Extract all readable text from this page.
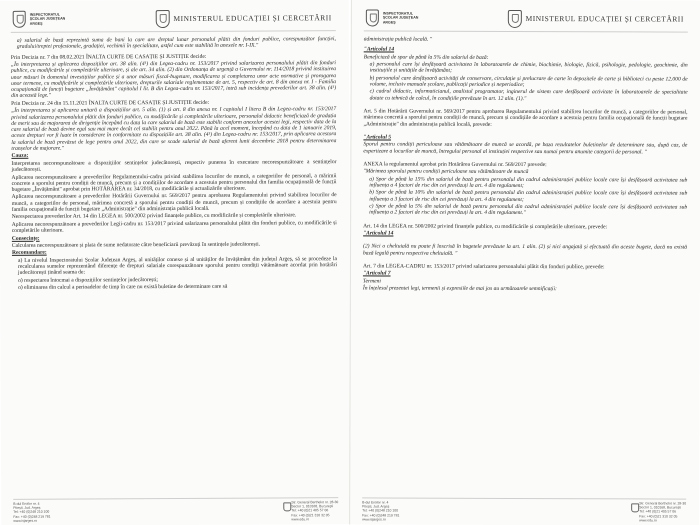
INSPECTORATUL ȘCOLAR JUDEȚEAN ARGEȘ
MINISTERUL EDUCAȚIEI ȘI CERCETĂRII

a) salariul de bază reprezintă suma de bani la care are dreptul lunar personalul plătit din fonduri publice, corespunzător funcției, gradului/treptei profesionale, gradației, vechimii în specialitate, astfel cum este stabilită în anexele nr. I-IX."

Prin Decizia nr. 7 din 08.02.2021 ÎNALTA CURTE DE CASAȚIE ȘI JUSTIȚIE decide:

„În interpretarea și aplicarea dispozițiilor art. 38 alin. (4¹) din Legea-cadru nr. 153/2017 privind salarizarea personalului plătit din fonduri publice, cu modificările și completările ulterioare, și ale art. 34 alin. (2) din Ordonanța de urgență a Guvernului nr. 114/2018 privind instituirea unor măsuri în domeniul investițiilor publice și a unor măsuri fiscal-bugetare, modificarea și completarea unor acte normative și prorogarea unor termene, cu modificările și completările ulterioare, drepturile salariale reglementate de art. 5, respectiv de art. 8 din anexa nr. I - Familia ocupațională de funcții bugetare „Învățământ" capitolul I lit. B din Legea-cadru nr. 153/2017, intră sub incidența prevederilor art. 38 alin. (4¹) din această lege."

Prin Decizia nr. 24 din 15.11.2021 ÎNALTA CURTE DE CASAȚIE ȘI JUSTIȚIE decide:

„În interpretarea și aplicarea unitară a dispozițiilor art. 5 alin. (1) și art. 8 din anexa nr. I capitolul I litera B din Legea-cadru nr. 153/2017 privind salarizarea personalului plătit din fonduri publice, cu modificările și completările ulterioare, personalul didactic beneficiază de gradația de merit sau de majorarea de dirigenție începând cu data la care salariul de bază este stabilit conform anexelor acestei legi, respectiv data de la care salariul de bază devine egal sau mai mare decât cel stabilit pentru anul 2022. Până la acel moment, începând cu data de 1 ianuarie 2019, aceste drepturi vor fi luate în considerare în conformitate cu dispozițiile art. 38 alin. (4¹) din Legea-cadru nr. 153/2017, prin aplicarea acestora la salariul de bază prevăzut de lege pentru anul 2022, din care se scade salariul de bază aferent lunii decembrie 2018 pentru determinarea tranșelor de majorare."

Cauza:

Interpretarea necorespunzătoare a dispozițiilor sentințelor judecătorești, respectiv punerea în executare necorespunzătoare a sentințelor judecătorești.

Aplicarea necorespunzătoare a prevederilor Regulamentului-cadru privind stabilirea locurilor de muncă, a categoriilor de personal, a mărimii concrete a sporului pentru condiții de muncă, precum și a condițiilor de acordare a acestuia pentru personalul din familia ocupațională de funcții bugetare „Învățământ" aprobat prin HOTĂRÂREA nr. 34/2018, cu modificările și actualizările ulterioare.

Aplicarea necorespunzătoare a prevederilor Hotărârii Guvernului nr. 569/2017 pentru aprobarea Regulamentului privind stabilirea locurilor de muncă, a categoriilor de personal, mărimea concretă a sporului pentru condiții de muncă, precum și condițiile de acordare a acestuia pentru familia ocupațională de funcții bugetare „Administrație" din administrația publică locală.

Nerespectarea prevederilor Art. 14 din LEGEA nr. 500/2002 privind finanțele publice, cu modificările și completările ulterioare.

Aplicarea necorespunzătoare a prevederilor Legii-cadru nr. 153/2017 privind salarizarea personalului plătit din fonduri publice, cu modificările și completările ulterioare.

Consecințe:

Calcularea necorespunzătoare și plata de sume nedatorate către beneficiarii prevăzuți în sentințele judecătorești.

Recomandare:

a) La nivelul Inspectoratului Școlar Județean Argeș, al unităților conexe și al unităților de învățământ din județul Argeș, să se procedeze la recalcularea sumelor reprezentând diferențe de drepturi salariale corespunzătoare sporului pentru condiții vătămătoare acordat prin hotărâri judecătorești ținând seama de:

o) respectarea întocmai a dispozițiilor sentințelor judecătorești;

o) eliminarea din calcul a perioadelor de timp în care nu există buletine de determinare care să

B-dul Eroilor nr. 4
Pitești, Jud. Argeș
Tel: +40 (0)248 210 100
Fax: +40 (0)248 219 781
www.isjarges.ro
Str. General Berthelot nr. 28-30
Sector 1, 010168, București
Tel: +40 (0)21 405 57 06
Fax: +40 (0)21 310 32 05
www.edu.ro
INSPECTORATUL ȘCOLAR JUDEȚEAN ARGEȘ	MINISTERUL EDUCAȚIEI ȘI CERCETĂRII

administrația publică locală. "

"Articolul 14

Beneficiază de spor de până la 5% din salariul de bază:

a) personalul care își desfășoară activitatea în laboratoarele de chimie, biochimie, biologie, fizică, psihologie, pedologie, geochimie, din instituțiile și unitățile de învățământ;

b) personalul care desfășoară activități de conservare, circulație și prelucrare de carte în depozitele de carte și biblioteci cu peste 12.000 de volume, inclusiv manuale școlare, publicații periodice și neperiodice;

c) cadrul didactic, informaticianul, analistul programator, inginerul de sistem care desfășoară activitate în laboratoarele de specialitate dotate cu tehnică de calcul, în condițiile prevăzute în art. 12 alin. (1)."

Art. 5 din Hotărârii Guvernului nr. 569/2017 pentru aprobarea Regulamentului privind stabilirea locurilor de muncă, a categoriilor de personal, mărimea concretă a sporului pentru condiții de muncă, precum și condițiile de acordare a acestuia pentru familia ocupațională de funcții bugetare „Administrație" din administrația publică locală, prevede:

"Articolul 5

Sporul pentru condiții periculoase sau vătămătoare de muncă se acordă, pe baza rezultatelor buletinelor de determinare sau, după caz, de expertizare a locurilor de muncă, întregului personal al instituției respective sau numai pentru anumite categorii de personal. "

ANEXA la regulamentul aprobat prin Hotărârea Guvernului nr. 569/2017 prevede:

"Mărimea sporului pentru condiții periculoase sau vătămătoare de muncă

a) Spor de până la 15% din salariul de bază pentru personalul din cadrul administrației publice locale care își desfășoară activitatea sub influența a 4 factori de risc din cei prevăzuți la art. 4 din regulament;

b) Spor de până la 10% din salariul de bază pentru personalul din cadrul administrației publice locale care își desfășoară activitatea sub influența a 3 factori de risc din cei prevăzuți la art. 4 din regulament;

c) Spor de până la 5% din salariul de bază pentru personalul din cadrul administrației publice locale care își desfășoară activitatea sub influența a 2 factori de risc din cei prevăzuți la art. 4 din regulament."

Art. 14 din LEGEA nr. 500/2002 privind finanțele publice, cu modificările și completările ulterioare, prevede:

"Articolul 14

(2) Nici o cheltuială nu poate fi înscrisă în bugetele prevăzute la art. 1 alin. (2) și nici angajată și efectuată din aceste bugete, dacă nu există bază legală pentru respectiva cheltuială. "

Art. 7 din LEGEA-CADRU nr. 153/2017 privind salarizarea personalului plătit din fonduri publice, prevede:

"Articolul 7

Termeni

În înțelesul prezentei legi, termenii și expresiile de mai jos au următoarele semnificații:

B-dul Eroilor nr. 4
Pitești, Jud. Argeș
Tel: +40 (0)248 210 100
Fax: +40 (0)248 219 781
www.isjarges.ro
Str. General Berthelot nr. 28-30
Sector 1, 010168, București
Tel: +40 (0)21 405 57 06
Fax: +40 (0)21 310 32 05
www.edu.ro
